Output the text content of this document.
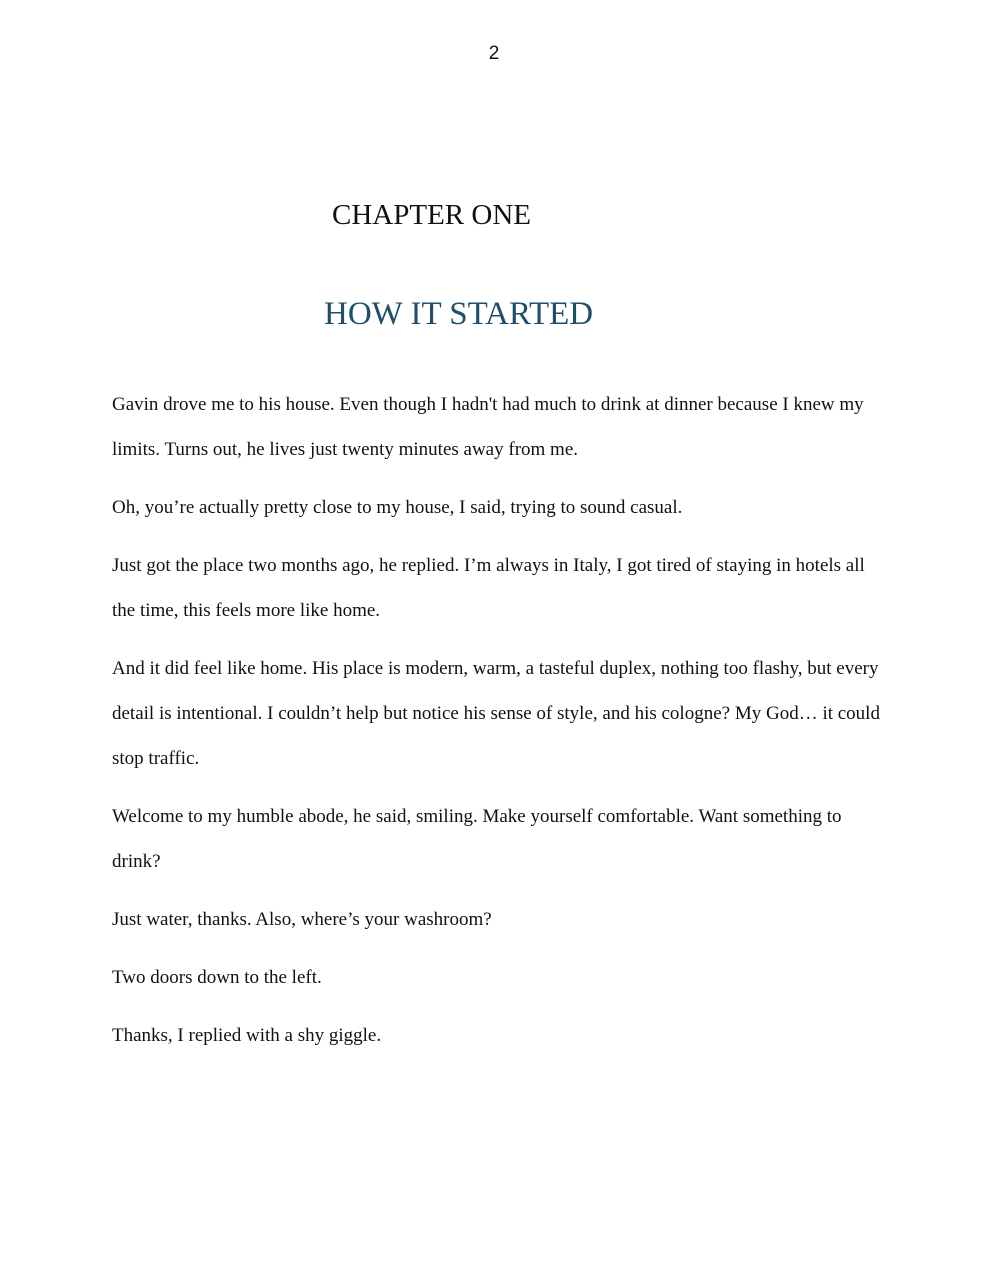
2
CHAPTER ONE
HOW IT STARTED

Gavin drove me to his house. Even though I hadn't had much to drink at dinner because I knew my limits. Turns out, he lives just twenty minutes away from me.

Oh, you’re actually pretty close to my house, I said, trying to sound casual.

Just got the place two months ago, he replied. I’m always in Italy, I got tired of staying in hotels all the time, this feels more like home.

And it did feel like home. His place is modern, warm, a tasteful duplex, nothing too flashy, but every detail is intentional. I couldn’t help but notice his sense of style, and his cologne? My God… it could stop traffic.

Welcome to my humble abode, he said, smiling. Make yourself comfortable. Want something to drink?

Just water, thanks. Also, where’s your washroom?

Two doors down to the left.

Thanks, I replied with a shy giggle.
